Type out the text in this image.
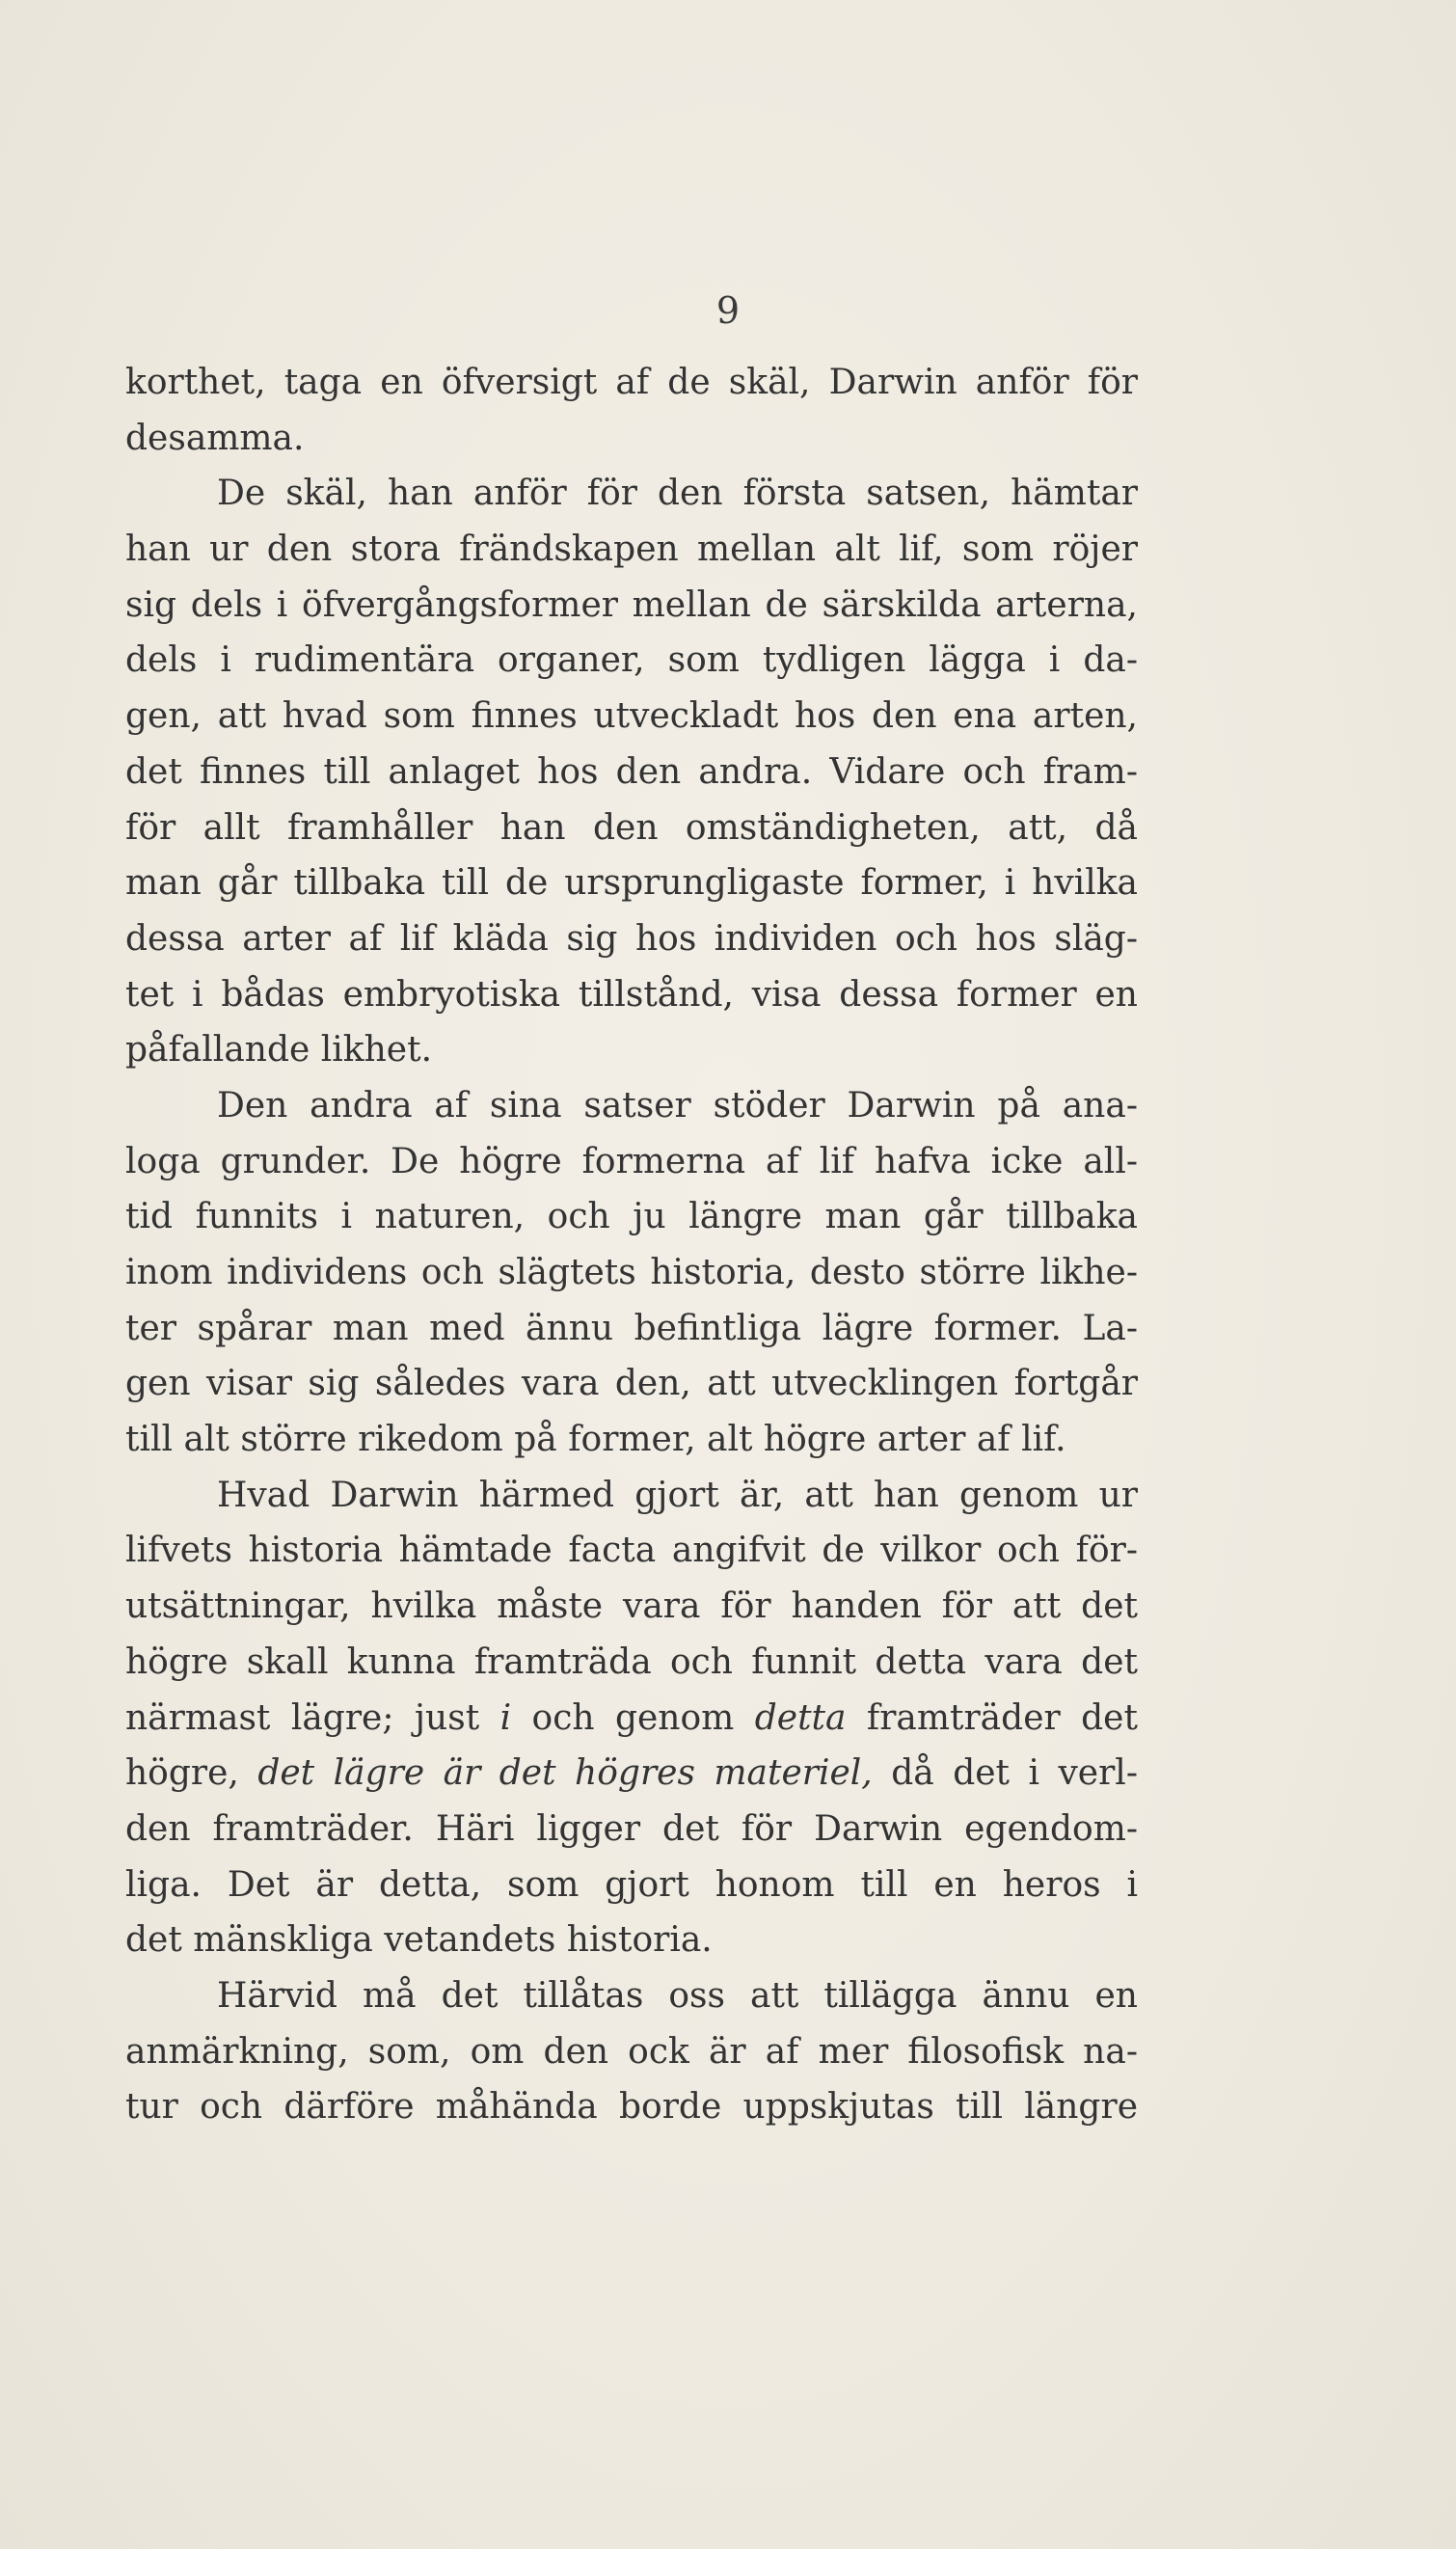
9
korthet, taga en öfversigt af de skäl, Darwin anför för
desamma.
De skäl, han anför för den första satsen, hämtar
han ur den stora frändskapen mellan alt lif, som röjer
sig dels i öfvergångsformer mellan de särskilda arterna,
dels i rudimentära organer, som tydligen lägga i da-
gen, att hvad som finnes utveckladt hos den ena arten,
det finnes till anlaget hos den andra. Vidare och fram-
för allt framhåller han den omständigheten, att, då
man går tillbaka till de ursprungligaste former, i hvilka
dessa arter af lif kläda sig hos individen och hos släg-
tet i bådas embryotiska tillstånd, visa dessa former en
påfallande likhet.
Den andra af sina satser stöder Darwin på ana-
loga grunder. De högre formerna af lif hafva icke all-
tid funnits i naturen, och ju längre man går tillbaka
inom individens och slägtets historia, desto större likhe-
ter spårar man med ännu befintliga lägre former. La-
gen visar sig således vara den, att utvecklingen fortgår
till alt större rikedom på former, alt högre arter af lif.
Hvad Darwin härmed gjort är, att han genom ur
lifvets historia hämtade facta angifvit de vilkor och för-
utsättningar, hvilka måste vara för handen för att det
högre skall kunna framträda och funnit detta vara det
närmast lägre; just i och genom detta framträder det
högre, det lägre är det högres materiel, då det i verl-
den framträder. Häri ligger det för Darwin egendom-
liga. Det är detta, som gjort honom till en heros i
det mänskliga vetandets historia.
Härvid må det tillåtas oss att tillägga ännu en
anmärkning, som, om den ock är af mer filosofisk na-
tur och därföre måhända borde uppskjutas till längre
